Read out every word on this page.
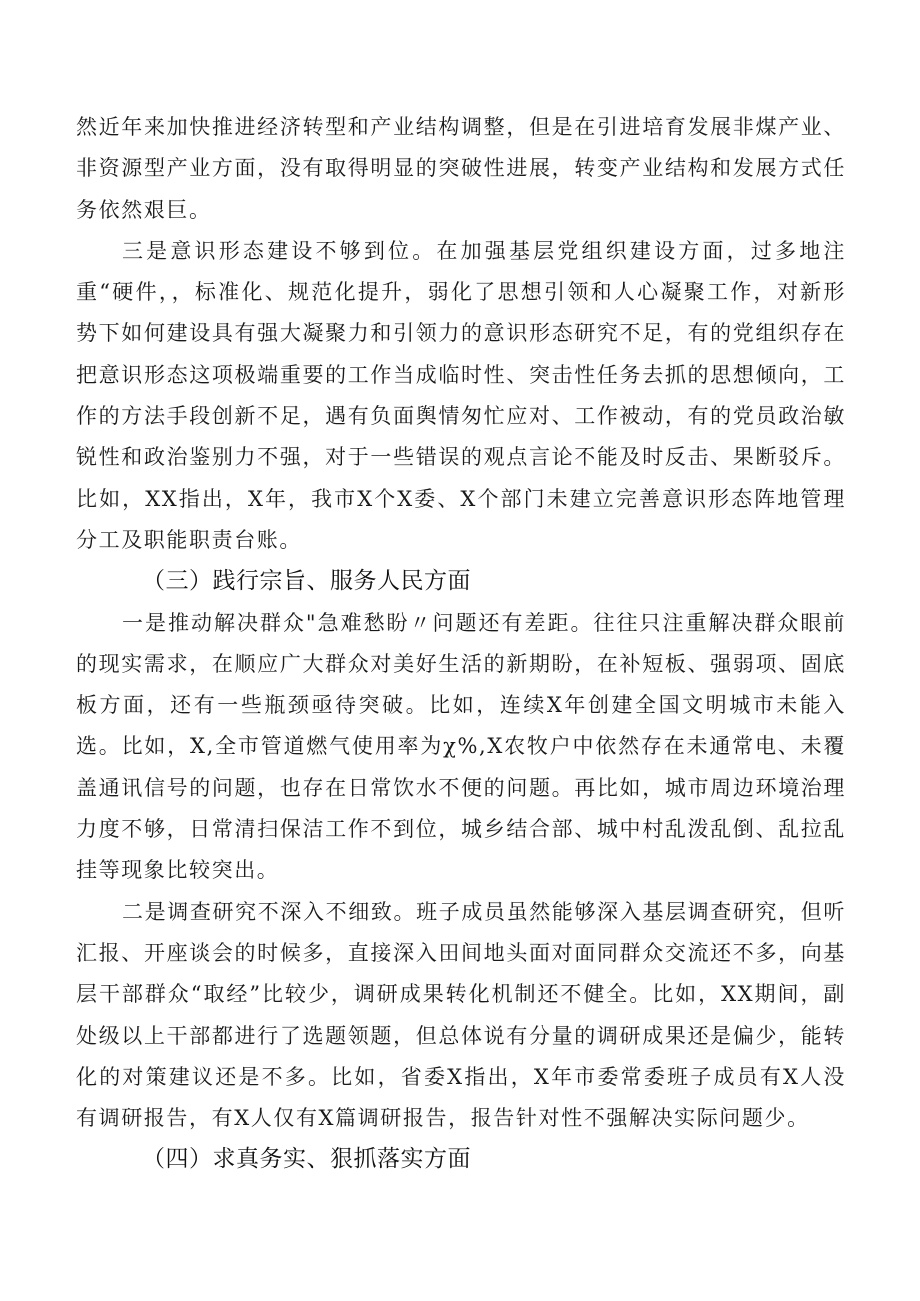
然近年来加快推进经济转型和产业结构调整，但是在引进培育发展非煤产业、非资源型产业方面，没有取得明显的突破性进展，转变产业结构和发展方式任务依然艰巨。

三是意识形态建设不够到位。在加强基层党组织建设方面，过多地注重“硬件，，标准化、规范化提升，弱化了思想引领和人心凝聚工作，对新形势下如何建设具有强大凝聚力和引领力的意识形态研究不足，有的党组织存在把意识形态这项极端重要的工作当成临时性、突击性任务去抓的思想倾向，工作的方法手段创新不足，遇有负面舆情匆忙应对、工作被动，有的党员政治敏锐性和政治鉴别力不强，对于一些错误的观点言论不能及时反击、果断驳斥。比如，XX指出，X年，我市X个X委、X个部门未建立完善意识形态阵地管理分工及职能职责台账。

（三）践行宗旨、服务人民方面

一是推动解决群众"急难愁盼〃问题还有差距。往往只注重解决群众眼前的现实需求，在顺应广大群众对美好生活的新期盼，在补短板、强弱项、固底板方面，还有一些瓶颈亟待突破。比如，连续X年创建全国文明城市未能入选。比如，X,全市管道燃气使用率为χ%,X农牧户中依然存在未通常电、未覆盖通讯信号的问题，也存在日常饮水不便的问题。再比如，城市周边环境治理力度不够，日常清扫保洁工作不到位，城乡结合部、城中村乱泼乱倒、乱拉乱挂等现象比较突出。

二是调查研究不深入不细致。班子成员虽然能够深入基层调查研究，但听汇报、开座谈会的时候多，直接深入田间地头面对面同群众交流还不多，向基层干部群众“取经”比较少，调研成果转化机制还不健全。比如，XX期间，副处级以上干部都进行了选题领题，但总体说有分量的调研成果还是偏少，能转化的对策建议还是不多。比如，省委X指出，X年市委常委班子成员有X人没有调研报告，有X人仅有X篇调研报告，报告针对性不强解决实际问题少。

（四）求真务实、狠抓落实方面
